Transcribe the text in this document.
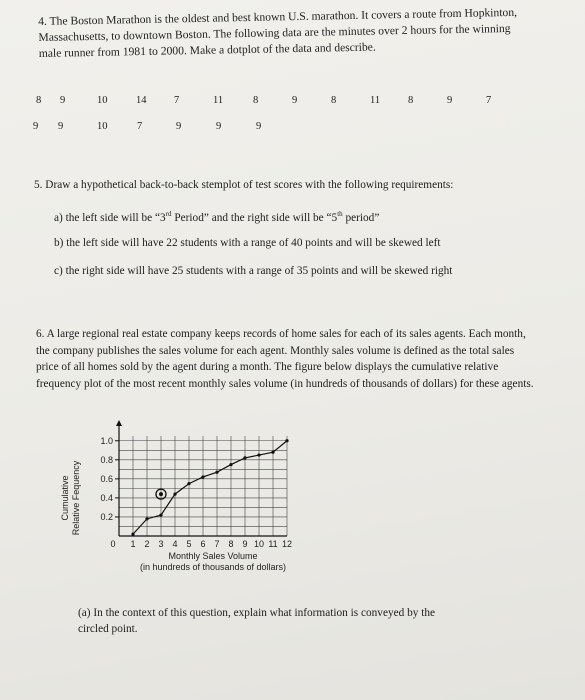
4. The Boston Marathon is the oldest and best known U.S. marathon. It covers a route from Hopkinton, Massachusetts, to downtown Boston. The following data are the minutes over 2 hours for the winning male runner from 1981 to 2000. Make a dotplot of the data and describe.
8 9	10	14	7	11	8	9	8	11	8	9	7
9 9	10	7	9	9	9
5. Draw a hypothetical back-to-back stemplot of test scores with the following requirements:
a) the left side will be “3rd Period” and the right side will be “5th period”
b) the left side will have 22 students with a range of 40 points and will be skewed left
c) the right side will have 25 students with a range of 35 points and will be skewed right
6. A large regional real estate company keeps records of home sales for each of its sales agents. Each month, the company publishes the sales volume for each agent. Monthly sales volume is defined as the total sales price of all homes sold by the agent during a month. The figure below displays the cumulative relative frequency plot of the most recent monthly sales volume (in hundreds of thousands of dollars) for these agents.
0.2
0.4
0.6
0.8
1.0
0 1 2 3 4 5 6 7 8 9 10 11 12
Monthly Sales Volume
(in hundreds of thousands of dollars)
Cumulative Relative Fequency
(a) In the context of this question, explain what information is conveyed by the
circled point.
